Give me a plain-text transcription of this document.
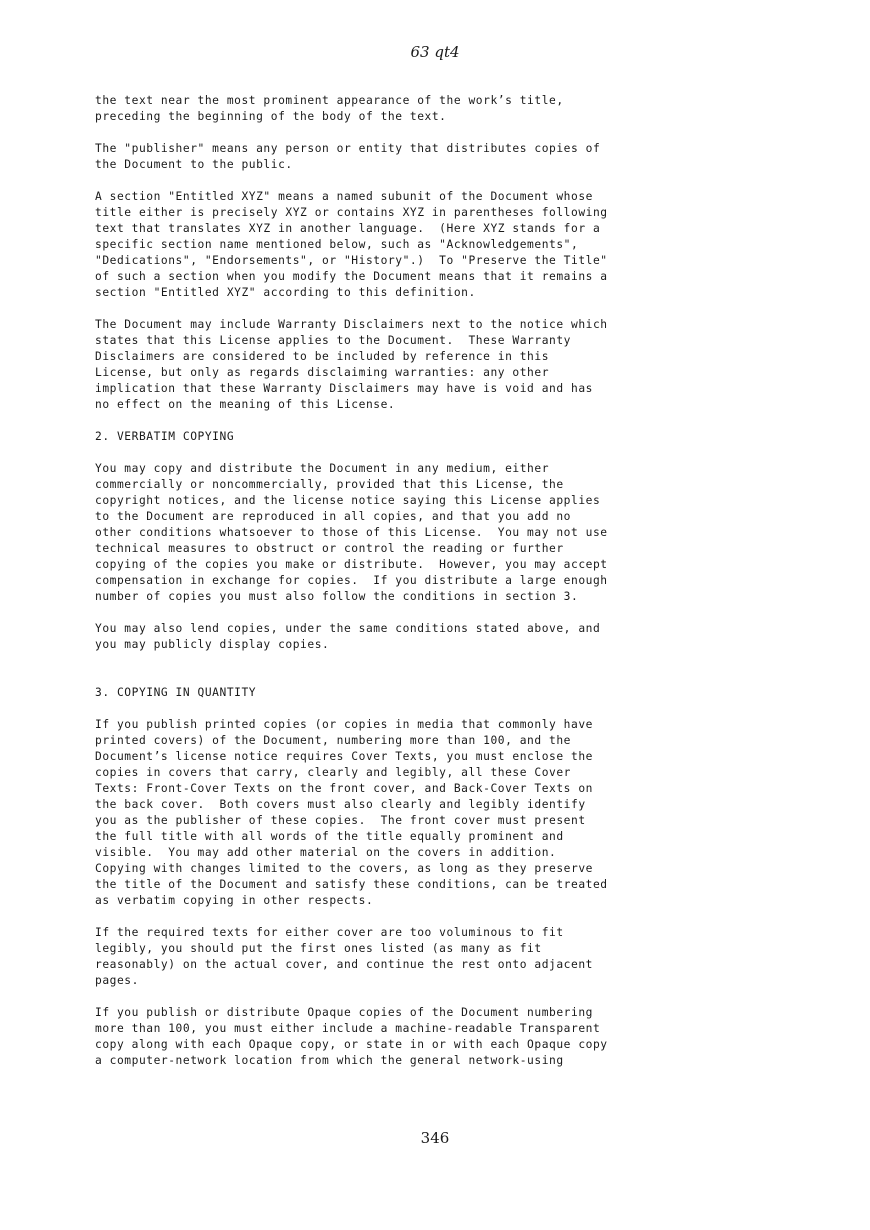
63 qt4
the text near the most prominent appearance of the work’s title,
preceding the beginning of the body of the text.
The "publisher" means any person or entity that distributes copies of
the Document to the public.
A section "Entitled XYZ" means a named subunit of the Document whose
title either is precisely XYZ or contains XYZ in parentheses following
text that translates XYZ in another language.  (Here XYZ stands for a
specific section name mentioned below, such as "Acknowledgements",
"Dedications", "Endorsements", or "History".)  To "Preserve the Title"
of such a section when you modify the Document means that it remains a
section "Entitled XYZ" according to this definition.
The Document may include Warranty Disclaimers next to the notice which
states that this License applies to the Document.  These Warranty
Disclaimers are considered to be included by reference in this
License, but only as regards disclaiming warranties: any other
implication that these Warranty Disclaimers may have is void and has
no effect on the meaning of this License.
2. VERBATIM COPYING
You may copy and distribute the Document in any medium, either
commercially or noncommercially, provided that this License, the
copyright notices, and the license notice saying this License applies
to the Document are reproduced in all copies, and that you add no
other conditions whatsoever to those of this License.  You may not use
technical measures to obstruct or control the reading or further
copying of the copies you make or distribute.  However, you may accept
compensation in exchange for copies.  If you distribute a large enough
number of copies you must also follow the conditions in section 3.
You may also lend copies, under the same conditions stated above, and
you may publicly display copies.
3. COPYING IN QUANTITY
If you publish printed copies (or copies in media that commonly have
printed covers) of the Document, numbering more than 100, and the
Document’s license notice requires Cover Texts, you must enclose the
copies in covers that carry, clearly and legibly, all these Cover
Texts: Front-Cover Texts on the front cover, and Back-Cover Texts on
the back cover.  Both covers must also clearly and legibly identify
you as the publisher of these copies.  The front cover must present
the full title with all words of the title equally prominent and
visible.  You may add other material on the covers in addition.
Copying with changes limited to the covers, as long as they preserve
the title of the Document and satisfy these conditions, can be treated
as verbatim copying in other respects.
If the required texts for either cover are too voluminous to fit
legibly, you should put the first ones listed (as many as fit
reasonably) on the actual cover, and continue the rest onto adjacent
pages.
If you publish or distribute Opaque copies of the Document numbering
more than 100, you must either include a machine-readable Transparent
copy along with each Opaque copy, or state in or with each Opaque copy
a computer-network location from which the general network-using
346
